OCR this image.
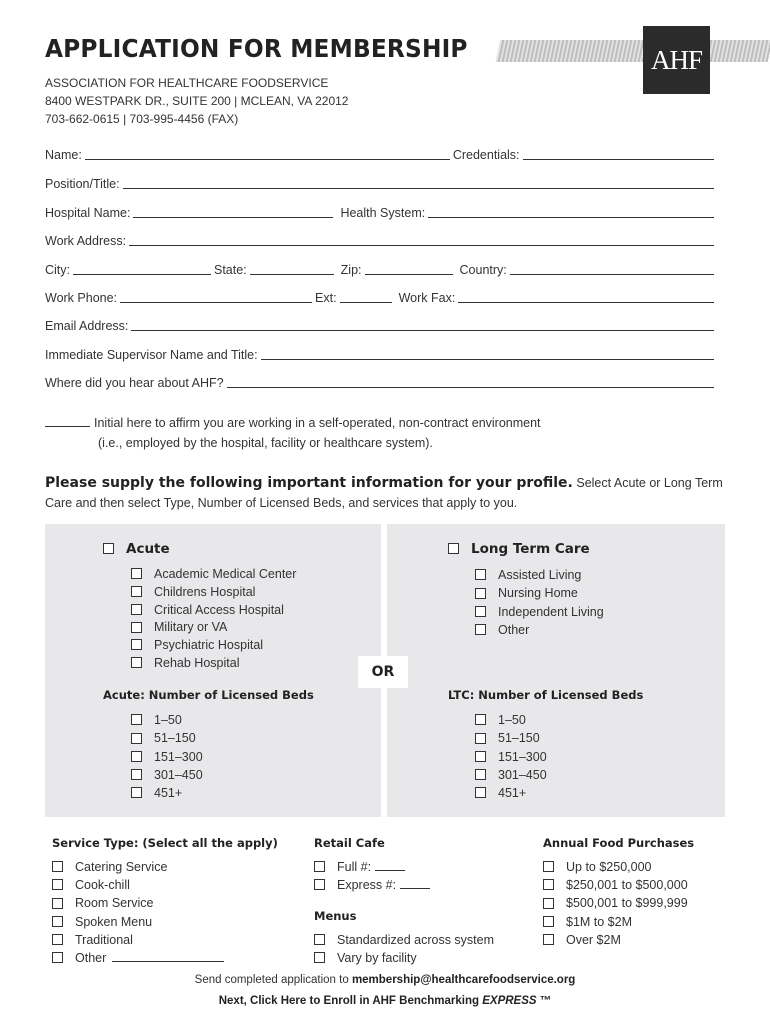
APPLICATION FOR MEMBERSHIP	AHF
ASSOCIATION FOR HEALTHCARE FOODSERVICE
8400 WESTPARK DR., SUITE 200 | MCLEAN, VA 22012
703-662-0615 | 703-995-4456 (FAX)
Name:	Credentials:
Position/Title:
Hospital Name:	Health System:
Work Address:
City:	State:	Zip:	Country:
Work Phone:	Ext:	Work Fax:
Email Address:
Immediate Supervisor Name and Title:
Where did you hear about AHF?
Initial here to affirm you are working in a self-operated, non-contract environment
(i.e., employed by the hospital, facility or healthcare system).
Please supply the following important information for your profile. Select Acute or Long Term Care and then select Type, Number of Licensed Beds, and services that apply to you.
Acute
Academic Medical Center
Childrens Hospital
Critical Access Hospital
Military or VA
Psychiatric Hospital
Rehab Hospital
Long Term Care
Assisted Living
Nursing Home
Independent Living
Other
OR
Acute: Number of Licensed Beds
1–50
51–150
151–300
301–450
451+
LTC: Number of Licensed Beds
1–50
51–150
151–300
301–450
451+
Service Type: (Select all the apply)
Catering Service
Cook-chill
Room Service
Spoken Menu
Traditional
Other
Retail Cafe
Full #:
Express #:
Menus
Standardized across system
Vary by facility
Annual Food Purchases
Up to $250,000
$250,001 to $500,000
$500,001 to $999,999
$1M to $2M
Over $2M
Send completed application to membership@healthcarefoodservice.org
Next, Click Here to Enroll in AHF Benchmarking EXPRESS ™
